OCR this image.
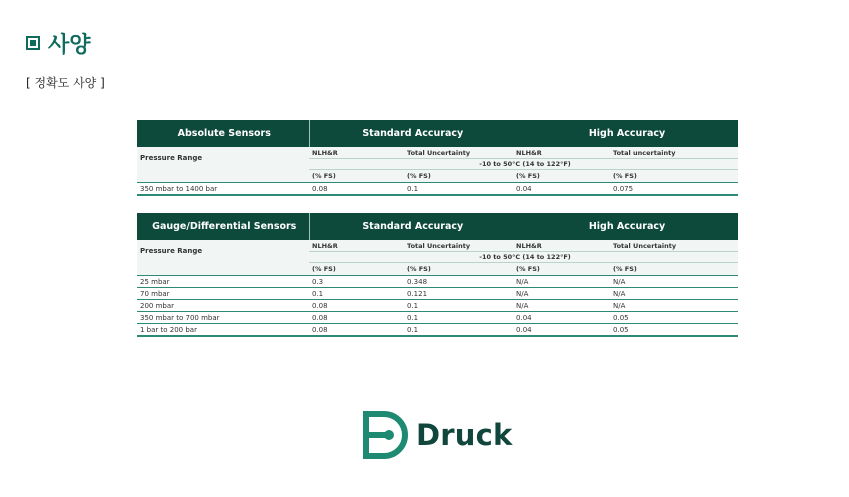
사양
[ 정확도 사양 ]
Absolute Sensors	Standard Accuracy		High Accuracy	
Pressure Range	NLH&R	Total Uncertainty	NLH&R	Total uncertainty
	-10 to 50°C (14 to 122°F)			
	(% FS)	(% FS)	(% FS)	(% FS)
350 mbar to 1400 bar	0.08	0.1	0.04	0.075
Gauge/Differential Sensors	Standard Accuracy		High Accuracy	
Pressure Range	NLH&R	Total Uncertainty	NLH&R	Total Uncertainty
	-10 to 50°C (14 to 122°F)			
	(% FS)	(% FS)	(% FS)	(% FS)
25 mbar	0.3	0.348	N/A	N/A
70 mbar	0.1	0.121	N/A	N/A
200 mbar	0.08	0.1	N/A	N/A
350 mbar to 700 mbar	0.08	0.1	0.04	0.05
1 bar to 200 bar	0.08	0.1	0.04	0.05
Druck
